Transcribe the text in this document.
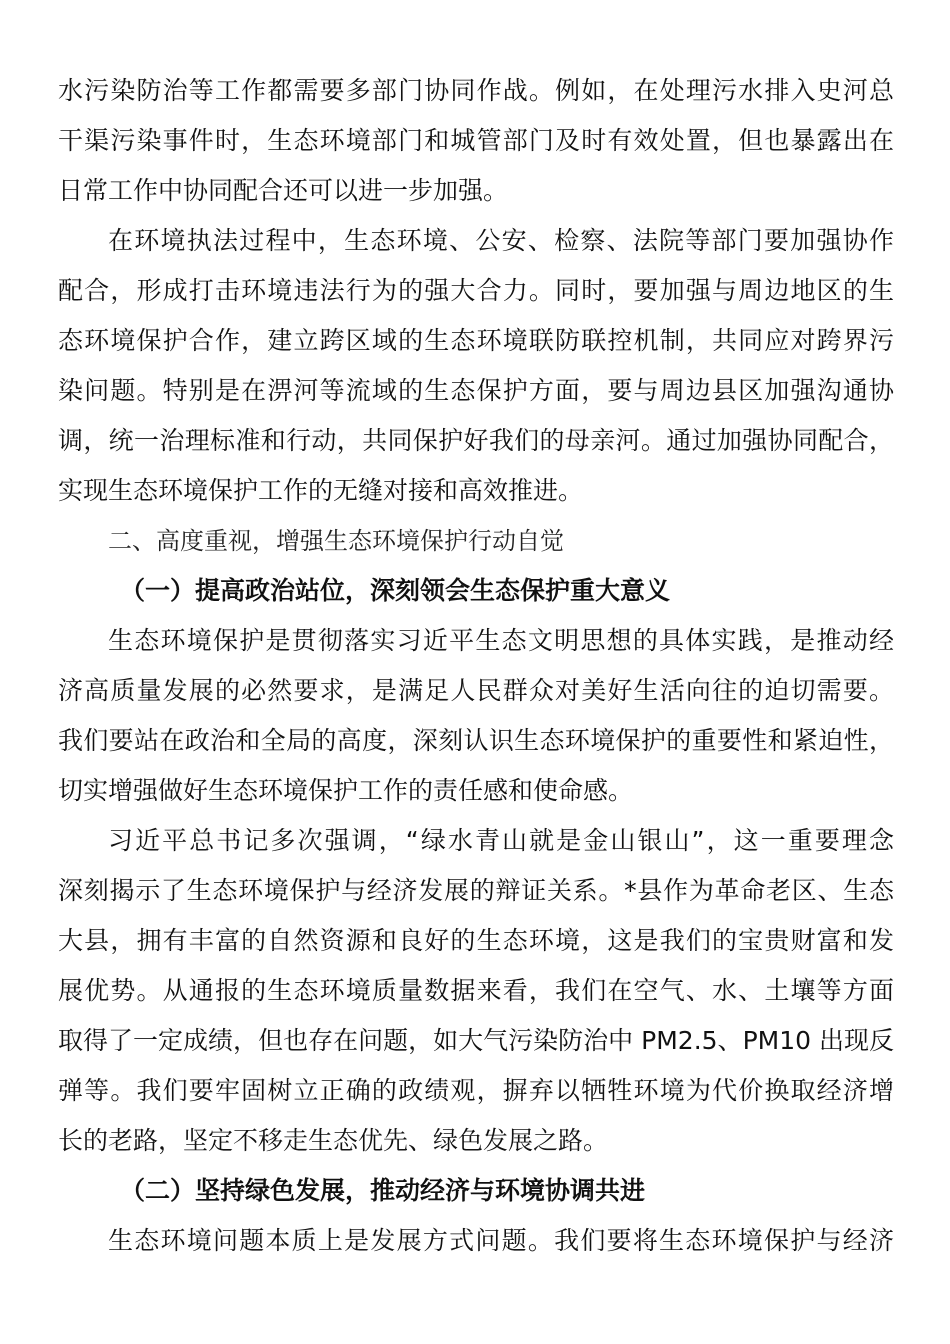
水污染防治等工作都需要多部门协同作战。例如，在处理污水排入史河总
干渠污染事件时，生态环境部门和城管部门及时有效处置，但也暴露出在
日常工作中协同配合还可以进一步加强。
在环境执法过程中，生态环境、公安、检察、法院等部门要加强协作
配合，形成打击环境违法行为的强大合力。同时，要加强与周边地区的生
态环境保护合作，建立跨区域的生态环境联防联控机制，共同应对跨界污
染问题。特别是在淠河等流域的生态保护方面，要与周边县区加强沟通协
调，统一治理标准和行动，共同保护好我们的母亲河。通过加强协同配合，
实现生态环境保护工作的无缝对接和高效推进。
二、高度重视，增强生态环境保护行动自觉
（一）提高政治站位，深刻领会生态保护重大意义
生态环境保护是贯彻落实习近平生态文明思想的具体实践，是推动经
济高质量发展的必然要求，是满足人民群众对美好生活向往的迫切需要。
我们要站在政治和全局的高度，深刻认识生态环境保护的重要性和紧迫性，
切实增强做好生态环境保护工作的责任感和使命感。
习近平总书记多次强调，“绿水青山就是金山银山”，这一重要理念
深刻揭示了生态环境保护与经济发展的辩证关系。*县作为革命老区、生态
大县，拥有丰富的自然资源和良好的生态环境，这是我们的宝贵财富和发
展优势。从通报的生态环境质量数据来看，我们在空气、水、土壤等方面
取得了一定成绩，但也存在问题，如大气污染防治中 PM2.5、PM10 出现反
弹等。我们要牢固树立正确的政绩观，摒弃以牺牲环境为代价换取经济增
长的老路，坚定不移走生态优先、绿色发展之路。
（二）坚持绿色发展，推动经济与环境协调共进
生态环境问题本质上是发展方式问题。我们要将生态环境保护与经济
